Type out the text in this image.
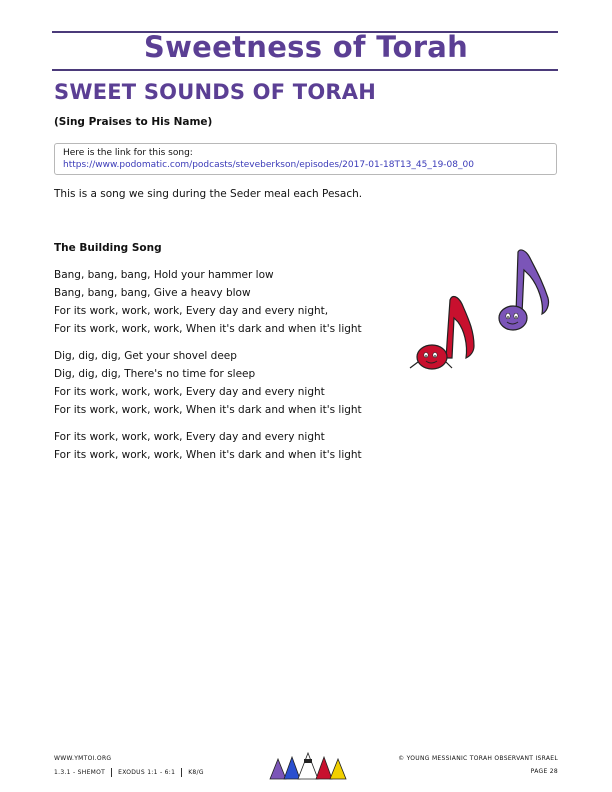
Sweetness of Torah
SWEET SOUNDS OF TORAH
(Sing Praises to His Name)
Here is the link for this song:
https://www.podomatic.com/podcasts/steveberkson/episodes/2017-01-18T13_45_19-08_00
This is a song we sing during the Seder meal each Pesach.
The Building Song
Bang, bang, bang, Hold your hammer low
Bang, bang, bang, Give a heavy blow
For its work, work, work, Every day and every night,
For its work, work, work, When it's dark and when it's light
Dig, dig, dig, Get your shovel deep
Dig, dig, dig, There's no time for sleep
For its work, work, work, Every day and every night
For its work, work, work, When it's dark and when it's light
For its work, work, work, Every day and every night
For its work, work, work, When it's dark and when it's light
WWW.YMTOI.ORG
1.3.1 - SHEMOT EXODUS 1:1 - 6:1 K8/G
© YOUNG MESSIANIC TORAH OBSERVANT ISRAEL
PAGE 28
